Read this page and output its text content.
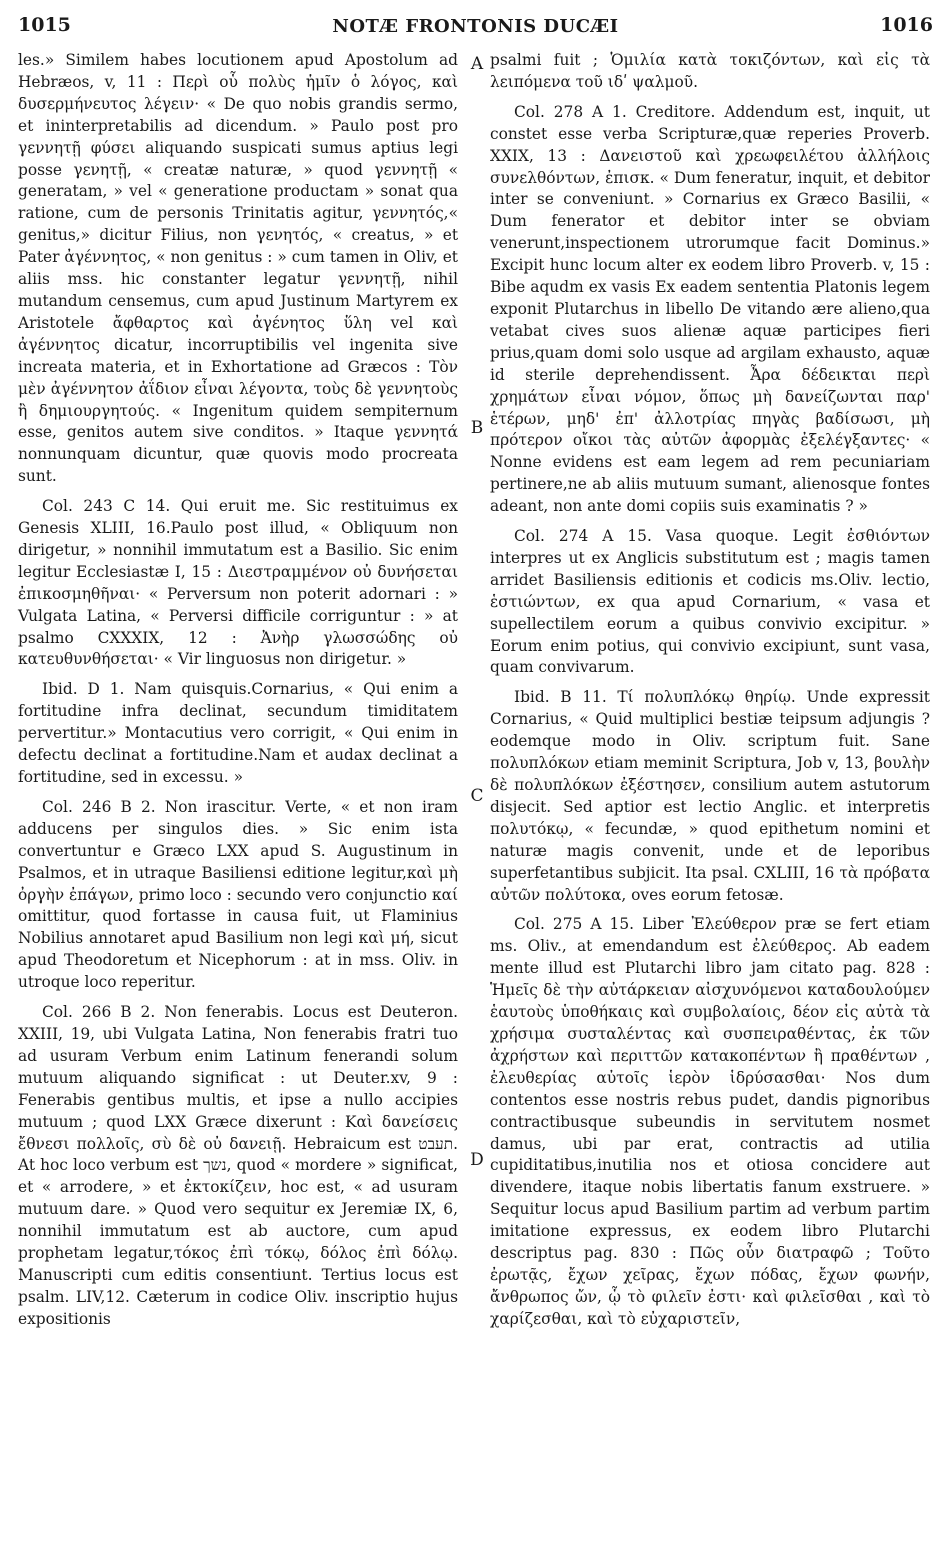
1015	NOTÆ FRONTONIS DUCÆI	1016

les.» Similem habes locutionem apud Apostolum ad Hebræos, v, 11 : Περὶ οὗ πολὺς ἡμῖν ὁ λόγος, καὶ δυσερμήνευτος λέγειν· « De quo nobis grandis sermo, et ininterpretabilis ad dicendum. » Paulo post pro γεννητῇ φύσει aliquando suspicati sumus aptius legi posse γενητῇ, « creatæ naturæ, » quod γεννητῇ « generatam, » vel « generatione productam » sonat qua ratione, cum de personis Trinitatis agitur, γεννητός,« genitus,» dicitur Filius, non γενητός, « creatus, » et Pater ἀγέννητος, « non genitus : » cum tamen in Oliv, et aliis mss. hic constanter legatur γεννητῇ, nihil mutandum censemus, cum apud Justinum Martyrem ex Aristotele ἄφθαρτος καὶ ἀγένητος ὕλη vel καὶ ἀγέννητος dicatur, incorruptibilis vel ingenita sive increata materia, et in Exhortatione ad Græcos : Τὸν μὲν ἀγέννητον ἀΐδιον εἶναι λέγοντα, τοὺς δὲ γεννητοὺς ἢ δημιουργητούς. « Ingenitum quidem sempiternum esse, genitos autem sive conditos. » Itaque γεννητά nonnunquam dicuntur, quæ quovis modo procreata sunt.

Col. 243 C 14. Qui eruit me. Sic restituimus ex Genesis XLIII, 16.Paulo post illud, « Obliquum non dirigetur, » nonnihil immutatum est a Basilio. Sic enim legitur Ecclesiastæ I, 15 : Διεστραμμένον οὐ δυνήσεται ἐπικοσμηθῆναι· « Perversum non poterit adornari : » Vulgata Latina, « Perversi difficile corriguntur : » at psalmo CXXXIX, 12 : Ἀνὴρ γλωσσώδης οὐ κατευθυνθήσεται· « Vir linguosus non dirigetur. »

Ibid. D 1. Nam quisquis.Cornarius, « Qui enim a fortitudine infra declinat, secundum timiditatem pervertitur.» Montacutius vero corrigit, « Qui enim in defectu declinat a fortitudine.Nam et audax declinat a fortitudine, sed in excessu. »

Col. 246 B 2. Non irascitur. Verte, « et non iram adducens per singulos dies. » Sic enim ista convertuntur e Græco LXX apud S. Augustinum in Psalmos, et in utraque Basiliensi editione legitur,καὶ μὴ ὀργὴν ἐπάγων, primo loco : secundo vero conjunctio καί omittitur, quod fortasse in causa fuit, ut Flaminius Nobilius annotaret apud Basilium non legi καὶ μή, sicut apud Theodoretum et Nicephorum : at in mss. Oliv. in utroque loco reperitur.

Col. 266 B 2. Non fenerabis. Locus est Deuteron. XXIII, 19, ubi Vulgata Latina, Non fenerabis fratri tuo ad usuram Verbum enim Latinum fenerandi solum mutuum aliquando significat : ut Deuter.xv, 9 : Fenerabis gentibus multis, et ipse a nullo accipies mutuum ; quod LXX Græce dixerunt : Καὶ δανείσεις ἔθνεσι πολλοῖς, σὺ δὲ οὐ δανειῇ. Hebraicum est תעבט. At hoc loco verbum est נשך, quod « mordere » significat, et « arrodere, » et ἐκτοκίζειν, hoc est, « ad usuram mutuum dare. » Quod vero sequitur ex Jeremiæ IX, 6, nonnihil immutatum est ab auctore, cum apud prophetam legatur,τόκος ἐπὶ τόκῳ, δόλος ἐπὶ δόλῳ. Manuscripti cum editis consentiunt. Tertius locus est psalm. LIV,12. Cæterum in codice Oliv. inscriptio hujus expositionis

psalmi fuit ; Ὁμιλία κατὰ τοκιζόντων, καὶ εἰς τὰ λειπόμενα τοῦ ιδʹ ψαλμοῦ.

Col. 278 A 1. Creditore. Addendum est, inquit, ut constet esse verba Scripturæ,quæ reperies Proverb. XXIX, 13 : Δανειστοῦ καὶ χρεωφειλέτου ἀλλήλοις συνελθόντων, ἐπισκ. « Dum feneratur, inquit, et debitor inter se conveniunt. » Cornarius ex Græco Basilii, « Dum fenerator et debitor inter se obviam venerunt,inspectionem utrorumque facit Dominus.» Excipit hunc locum alter ex eodem libro Proverb. v, 15 : Bibe aqudm ex vasis Ex eadem sententia Platonis legem exponit Plutarchus in libello De vitando ære alieno,qua vetabat cives suos alienæ aquæ participes fieri prius,quam domi solo usque ad argilam exhausto, aquæ id sterile deprehendissent. Ἆρα δέδεικται περὶ χρημάτων εἶναι νόμον, ὅπως μὴ δανείζωνται παρ' ἑτέρων, μηδ' ἐπ' ἀλλοτρίας πηγὰς βαδίσωσι, μὴ πρότερον οἴκοι τὰς αὐτῶν ἀφορμὰς ἐξελέγξαντες· « Nonne evidens est eam legem ad rem pecuniariam pertinere,ne ab aliis mutuum sumant, alienosque fontes adeant, non ante domi copiis suis examinatis ? »

Col. 274 A 15. Vasa quoque. Legit ἐσθιόντων interpres ut ex Anglicis substitutum est ; magis tamen arridet Basiliensis editionis et codicis ms.Oliv. lectio, ἑστιώντων, ex qua apud Cornarium, « vasa et supellectilem eorum a quibus convivio excipitur. » Eorum enim potius, qui convivio excipiunt, sunt vasa, quam convivarum.

Ibid. B 11. Τί πολυπλόκῳ θηρίῳ. Unde expressit Cornarius, « Quid multiplici bestiæ teipsum adjungis ? eodemque modo in Oliv. scriptum fuit. Sane πολυπλόκων etiam meminit Scriptura, Job v, 13, βουλὴν δὲ πολυπλόκων ἐξέστησεν, consilium autem astutorum disjecit. Sed aptior est lectio Anglic. et interpretis πολυτόκῳ, « fecundæ, » quod epithetum nomini et naturæ magis convenit, unde et de leporibus superfetantibus subjicit. Ita psal. CXLIII, 16 τὰ πρόβατα αὐτῶν πολύτοκα, oves eorum fetosæ.

Col. 275 A 15. Liber Ἐλεύθερον præ se fert etiam ms. Oliv., at emendandum est ἐλεύθερος. Ab eadem mente illud est Plutarchi libro jam citato pag. 828 : Ἡμεῖς δὲ τὴν αὐτάρκειαν αἰσχυνόμενοι καταδουλούμεν ἑαυτοὺς ὑποθήκαις καὶ συμβολαίοις, δέον εἰς αὐτὰ τὰ χρήσιμα συσταλέντας καὶ συσπειραθέντας, ἐκ τῶν ἀχρήστων καὶ περιττῶν κατακοπέντων ἢ πραθέντων , ἐλευθερίας αὐτοῖς ἱερὸν ἱδρύσασθαι· Nos dum contentos esse nostris rebus pudet, dandis pignoribus contractibusque subeundis in servitutem nosmet damus, ubi par erat, contractis ad utilia cupiditatibus,inutilia nos et otiosa concidere aut divendere, itaque nobis libertatis fanum exstruere. » Sequitur locus apud Basilium partim ad verbum partim imitatione expressus, ex eodem libro Plutarchi descriptus pag. 830 : Πῶς οὖν διατραφῶ ; Τοῦτο ἐρωτᾷς, ἔχων χεῖρας, ἔχων πόδας, ἔχων φωνήν, ἄνθρωπος ὤν, ᾧ τὸ φιλεῖν ἐστι· καὶ φιλεῖσθαι , καὶ τὸ χαρίζεσθαι, καὶ τὸ εὐχαριστεῖν,

A
B
C
D
